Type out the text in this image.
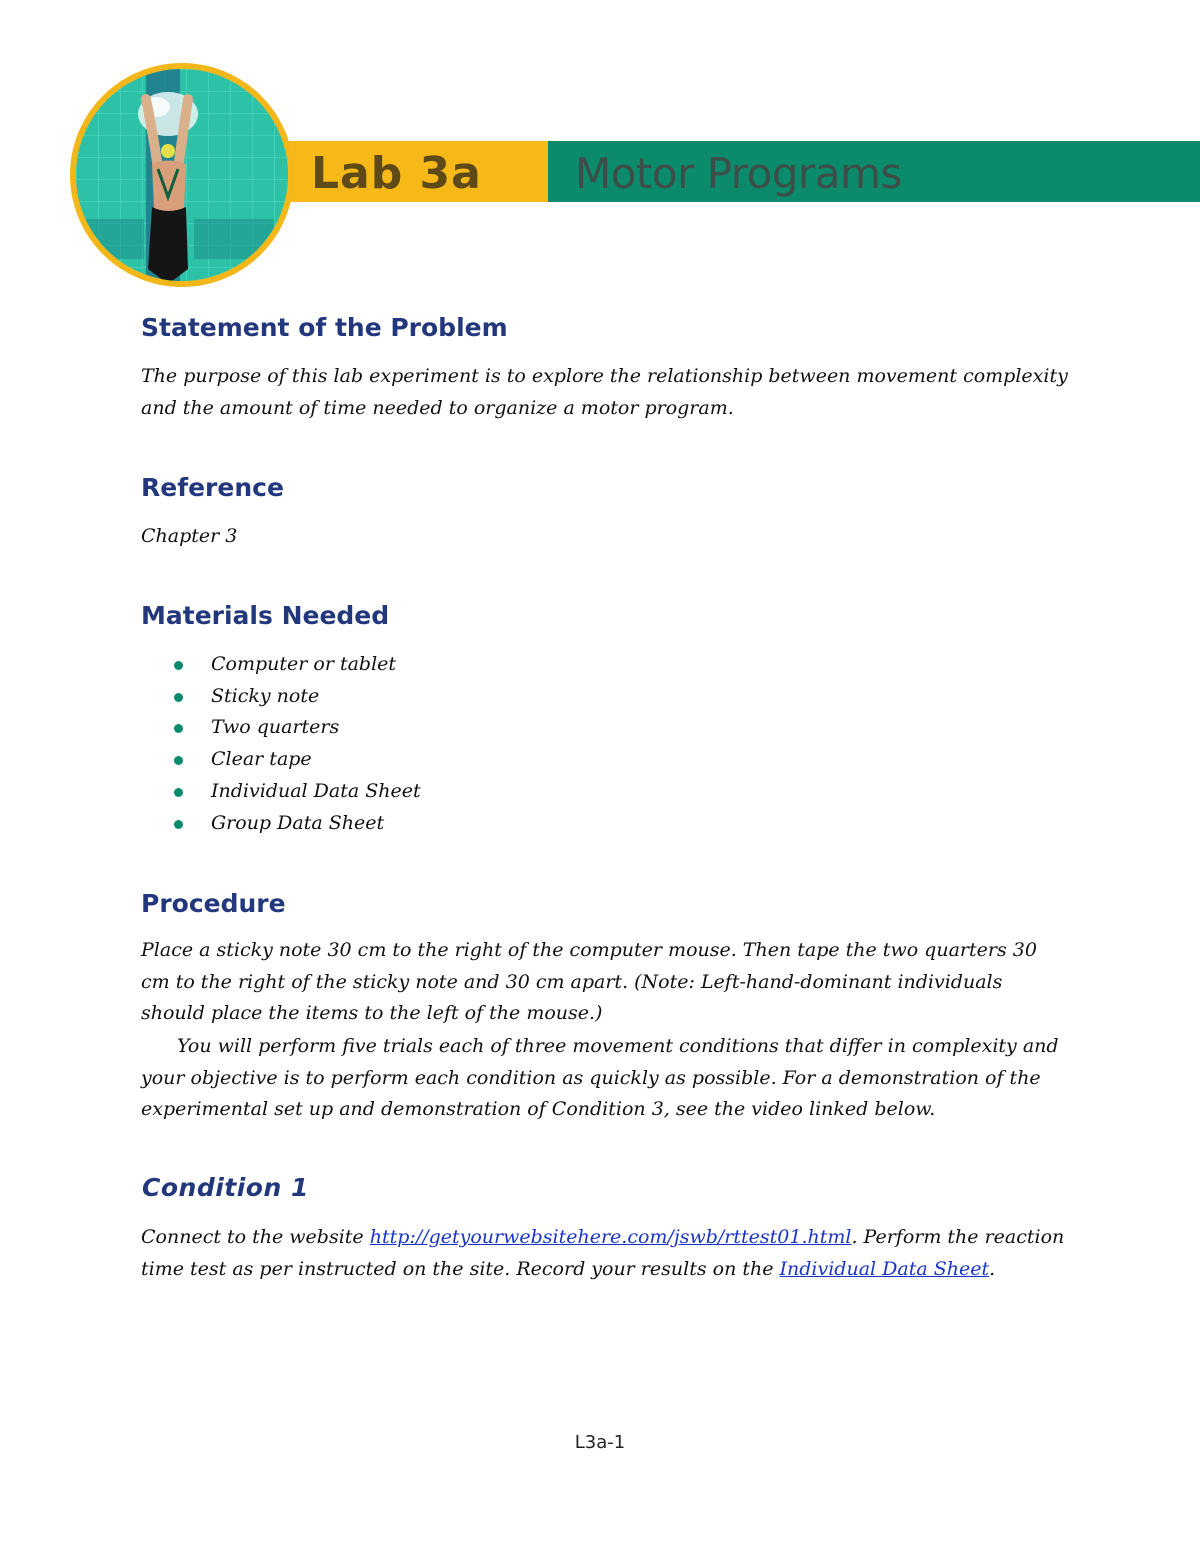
Lab 3a Motor Programs
Statement of the Problem

The purpose of this lab experiment is to explore the relationship between movement complexity and the amount of time needed to organize a motor program.

Reference

Chapter 3

Materials Needed
Computer or tablet
Sticky note
Two quarters
Clear tape
Individual Data Sheet
Group Data Sheet
Procedure

Place a sticky note 30 cm to the right of the computer mouse. Then tape the two quarters 30 cm to the right of the sticky note and 30 cm apart. (Note: Left-hand-dominant individuals should place the items to the left of the mouse.)

You will perform five trials each of three movement conditions that differ in complexity and your objective is to perform each condition as quickly as possible. For a demonstration of the experimental set up and demonstration of Condition 3, see the video linked below.

Condition 1

Connect to the website http://getyourwebsitehere.com/jswb/rttest01.html. Perform the reaction time test as per instructed on the site. Record your results on the Individual Data Sheet.

L3a-1
